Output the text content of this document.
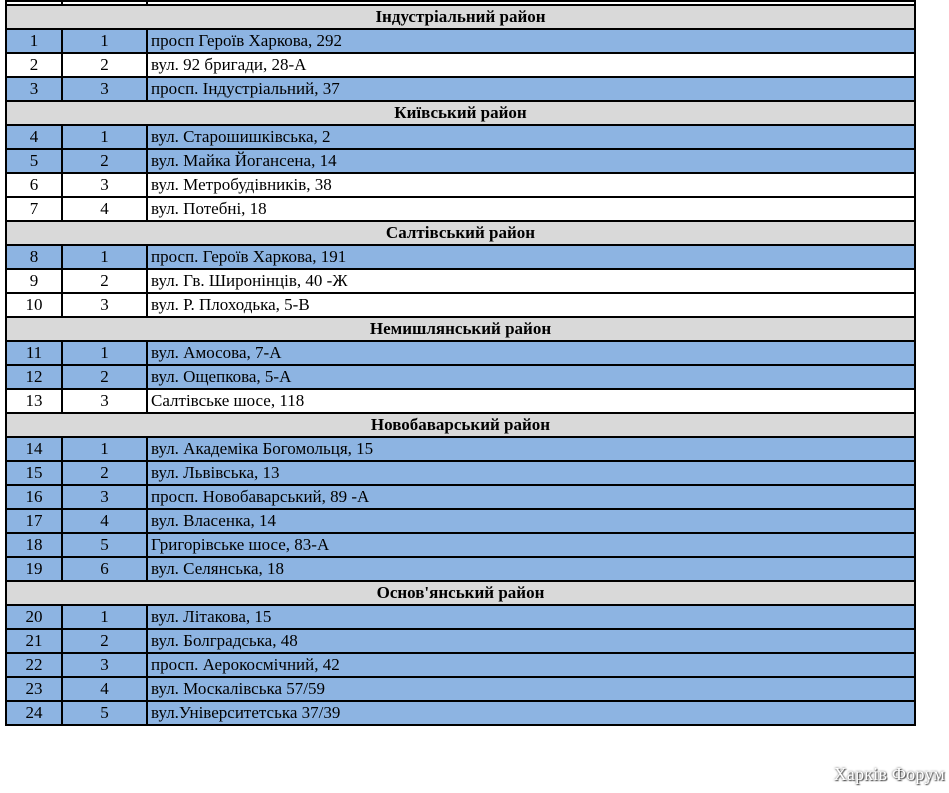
Індустріальний район		
1	1	просп Героїв Харкова, 292
2	2	вул. 92 бригади, 28-А
3	3	просп. Індустріальний, 37
Київський район		
4	1	вул. Старошишківська, 2
5	2	вул. Майка Йогансена, 14
6	3	вул. Метробудівників, 38
7	4	вул. Потебні, 18
Салтівський район		
8	1	просп. Героїв Харкова, 191
9	2	вул. Гв. Широнінців, 40 -Ж
10	3	вул. Р. Плоходька, 5-В
Немишлянський район		
11	1	вул. Амосова, 7-А
12	2	вул. Ощепкова, 5-А
13	3	Салтівське шосе, 118
Новобаварський район		
14	1	вул. Академіка Богомольця, 15
15	2	вул. Львівська, 13
16	3	просп. Новобаварський, 89 -А
17	4	вул. Власенка, 14
18	5	Григорівське шосе, 83-А
19	6	вул. Селянська, 18
Основ'янський район		
20	1	вул. Літакова, 15
21	2	вул. Болградська, 48
22	3	просп. Аерокосмічний, 42
23	4	вул. Москалівська 57/59
24	5	вул.Університетська 37/39
Харків Форум
